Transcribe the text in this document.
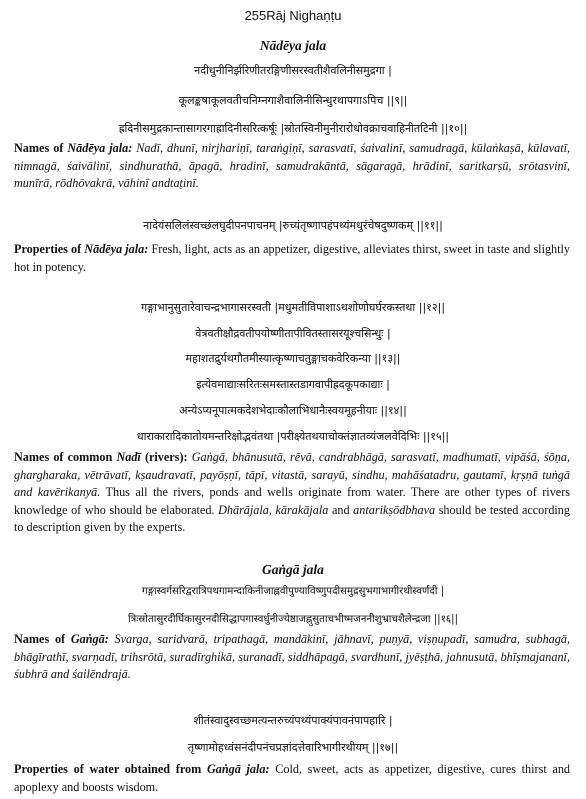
255Rāj Nighaṇṭu
Nādēya jala
नदीधुनीनिर्झरिणीतरङ्गिणीसरस्वतीशैवलिनीसमुद्रगा |
कूलङ्कषाकूलवतीचनिम्नगाशैवालिनीसिन्धुरथापगाऽपिच ||९||
ह्रदिनीसमुद्रकान्तासागरगाह्रादिनीसरित्कर्षूः |स्रोतस्विनीमुनीरारोधोवक्राचवाहिनीतटिनी ||१०||
Names of Nādēya jala: Nadī, dhunī, nirjhariṇī, taraṅgiṇī, sarasvatī, śaivalinī, samudragā, kūlaṅkaṣā, kūlavatī, nimnagā, śaivālinī, sindhurathā, āpagā, hradinī, samudrakāntā, sāgaragā, hrādinī, saritkarṣū, srōtasvinī, munīrā, rōdhōvakrā, vāhinī andtaṭinī.
नादेयंसलिलंस्वच्छंलघुदीपनपाचनम् |रुच्यंतृष्णापहंपथ्यंमधुरंचेषदुष्णकम् ||११||
Properties of Nādēya jala: Fresh, light, acts as an appetizer, digestive, alleviates thirst, sweet in taste and slightly hot in potency.
गङ्गाभानुसुतारेवाचन्द्रभागासरस्वती |मधुमतीविपाशाऽथशोणोघर्घरकस्तथा ||१२||
वेत्रवतीक्षौद्रवतीपयोष्णीतापीवितस्तासरयूश्चसिन्धुः |
महाशतद्रुर्यथगौतमीस्यात्कृष्णाचतुङ्गाचकवेरिकन्या ||१३||
इत्येवमाद्याःसरितःसमस्तास्तडागवापीह्रदकूपकाद्याः |
अन्येऽप्यनूपात्मकदेशभेदाःकौलाभिधानैःस्वयमूहनीयाः ||१४||
धाराकारादिकातोयमन्तरिक्षोद्भवंतथा |परीक्ष्येतथयाचोक्तंज्ञातव्यंजलवेदिभिः ||१५||
Names of common Nadī (rivers): Gaṅgā, bhānusutā, rēvā, candrabhāgā, sarasvatī, madhumatī, vipāśā, śōṇa, ghargharaka, vētrāvatī, kṣaudravatī, payōṣṇī, tāpī, vitastā, sarayū, sindhu, mahāśatadru, gautamī, kṛṣṇā tuṅgā and kavērikanyā. Thus all the rivers, ponds and wells originate from water. There are other types of rivers knowledge of who should be elaborated. Dhārājala, kārakājala and antarikṣōdbhava should be tested according to description given by the experts.
Gaṅgā jala
गङ्गास्वर्गसरिद्वरात्रिपथगामन्दाकिनीजाह्नवीपुण्याविष्णुपदीसमुद्रसुभगाभागीरथीस्वर्णदी |
त्रिःस्रोतासुरदीर्घिकासुरनदीसिद्धापगास्वर्धुनीज्येष्ठाजह्नुसुताचभीष्मजननीशुभ्राचशैलेन्द्रजा ||१६||
Names of Gaṅgā: Svarga, saridvarā, tripathagā, mandākinī, jāhnavī, puṇyā, viṣṇupadī, samudra, subhagā, bhāgīrathī, svarṇadī, trihsrōtā, suradīrghikā, suranadī, siddhāpagā, svardhunī, jyēṣṭhā, jahnusutā, bhīṣmajananī, śubhrā and śailēndrajā.
शीतंस्वादुस्वच्छमत्यन्तरुच्यंपथ्यंपाक्यंपावनंपापहारि |
तृष्णामोहध्वंसनंदीपनंचप्रज्ञांदत्तेवारिभागीरथीयम् ||१७||
Properties of water obtained from Gaṅgā jala: Cold, sweet, acts as appetizer, digestive, cures thirst and apoplexy and boosts wisdom.
